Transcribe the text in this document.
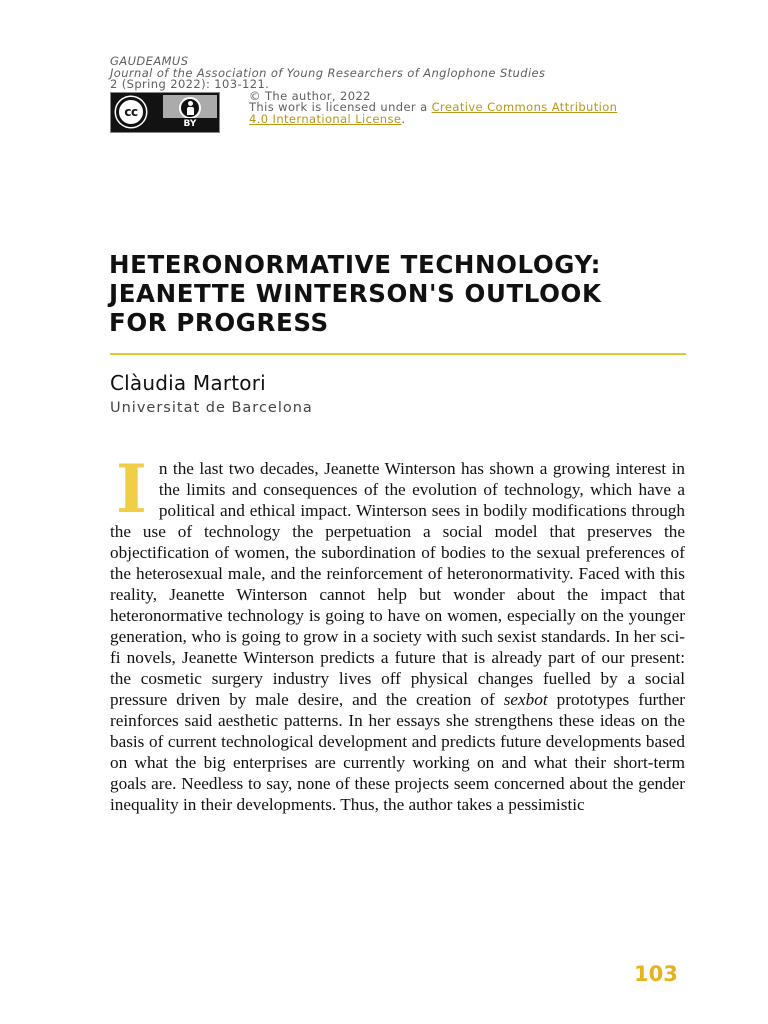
GAUDEAMUS
Journal of the Association of Young Researchers of Anglophone Studies
2 (Spring 2022): 103-121.
cc
BY
© The author, 2022
This work is licensed under a Creative Commons Attribution
4.0 International License.
HETERONORMATIVE TECHNOLOGY:
JEANETTE WINTERSON'S OUTLOOK
FOR PROGRESS
Clàudia Martori
Universitat de Barcelona

In the last two decades, Jeanette Winterson has shown a growing interest in the limits and consequences of the evolution of technology, which have a political and ethical impact. Winterson sees in bodily modifications through the use of technology the perpetuation a social model that preserves the objectification of women, the subordination of bodies to the sexual preferences of the heterosexual male, and the reinforcement of heteronormativity. Faced with this reality, Jeanette Winterson cannot help but wonder about the impact that heteronormative technology is going to have on women, especially on the younger generation, who is going to grow in a society with such sexist standards. In her sci-fi novels, Jeanette Winterson predicts a future that is already part of our present: the cosmetic surgery industry lives off physical changes fuelled by a social pressure driven by male desire, and the creation of sexbot prototypes further reinforces said aesthetic patterns. In her essays she strengthens these ideas on the basis of current technological development and predicts future developments based on what the big enterprises are currently working on and what their short-term goals are. Needless to say, none of these projects seem concerned about the gender inequality in their developments. Thus, the author takes a pessimistic

103
